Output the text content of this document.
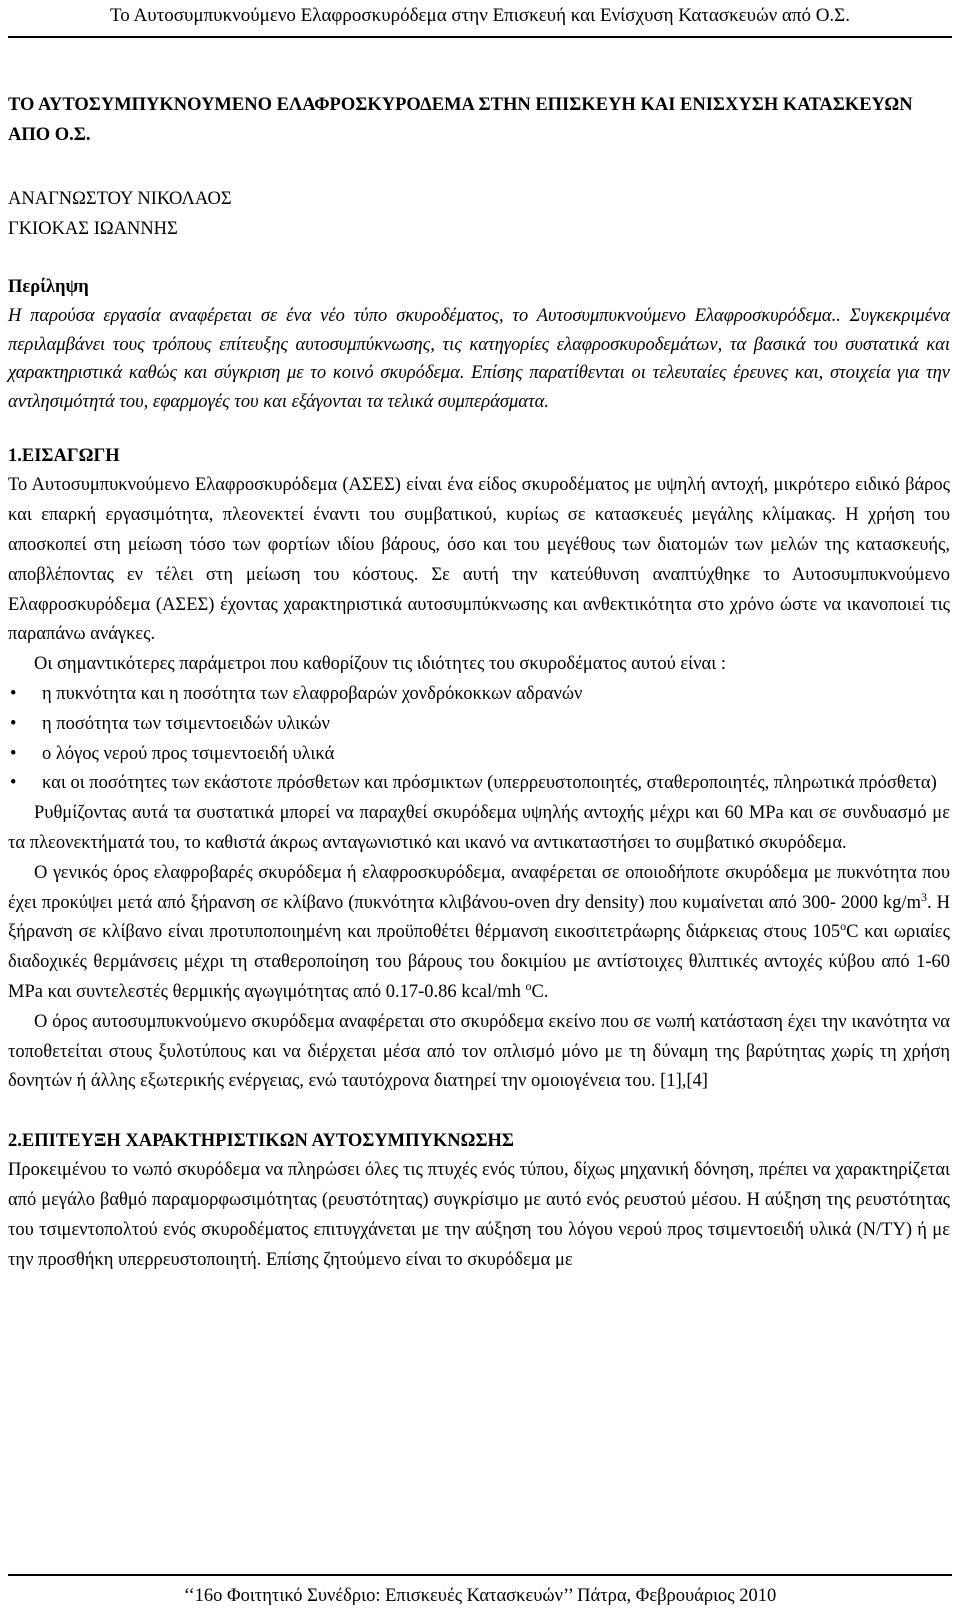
Το Αυτοσυμπυκνούμενο Ελαφροσκυρόδεμα στην Επισκευή και Ενίσχυση Κατασκευών από Ο.Σ.

ΤΟ ΑΥΤΟΣΥΜΠΥΚΝΟΥΜΕΝΟ ΕΛΑΦΡΟΣΚΥΡΟΔΕΜΑ ΣΤΗΝ ΕΠΙΣΚΕΥΗ ΚΑΙ ΕΝΙΣΧΥΣΗ ΚΑΤΑΣΚΕΥΩΝ ΑΠΟ Ο.Σ.

ΑΝΑΓΝΩΣΤΟΥ ΝΙΚΟΛΑΟΣ
ΓΚΙΟΚΑΣ ΙΩΑΝΝΗΣ

Περίληψη

Η παρούσα εργασία αναφέρεται σε ένα νέο τύπο σκυροδέματος, το Αυτοσυμπυκνούμενο Ελαφροσκυρόδεμα.. Συγκεκριμένα περιλαμβάνει τους τρόπους επίτευξης αυτοσυμπύκνωσης, τις κατηγορίες ελαφροσκυροδεμάτων, τα βασικά του συστατικά και χαρακτηριστικά καθώς και σύγκριση με το κοινό σκυρόδεμα. Επίσης παρατίθενται οι τελευταίες έρευνες και, στοιχεία για την αντλησιμότητά του, εφαρμογές του και εξάγονται τα τελικά συμπεράσματα.

1.ΕΙΣΑΓΩΓΗ

Το Αυτοσυμπυκνούμενο Ελαφροσκυρόδεμα (ΑΣΕΣ) είναι ένα είδος σκυροδέματος με υψηλή αντοχή, μικρότερο ειδικό βάρος και επαρκή εργασιμότητα, πλεονεκτεί έναντι του συμβατικού, κυρίως σε κατασκευές μεγάλης κλίμακας. Η χρήση του αποσκοπεί στη μείωση τόσο των φορτίων ιδίου βάρους, όσο και του μεγέθους των διατομών των μελών της κατασκευής, αποβλέποντας εν τέλει στη μείωση του κόστους. Σε αυτή την κατεύθυνση αναπτύχθηκε το Αυτοσυμπυκνούμενο Ελαφροσκυρόδεμα (ΑΣΕΣ) έχοντας χαρακτηριστικά αυτοσυμπύκνωσης και ανθεκτικότητα στο χρόνο ώστε να ικανοποιεί τις παραπάνω ανάγκες.

Οι σημαντικότερες παράμετροι που καθορίζουν τις ιδιότητες του σκυροδέματος αυτού είναι :

• η πυκνότητα και η ποσότητα των ελαφροβαρών χονδρόκοκκων αδρανών
• η ποσότητα των τσιμεντοειδών υλικών
• ο λόγος νερού προς τσιμεντοειδή υλικά
• και οι ποσότητες των εκάστοτε πρόσθετων και πρόσμικτων (υπερρευστοποιητές, σταθεροποιητές, πληρωτικά πρόσθετα)

Ρυθμίζοντας αυτά τα συστατικά μπορεί να παραχθεί σκυρόδεμα υψηλής αντοχής μέχρι και 60 MPa και σε συνδυασμό με τα πλεονεκτήματά του, το καθιστά άκρως ανταγωνιστικό και ικανό να αντικαταστήσει το συμβατικό σκυρόδεμα.

Ο γενικός όρος ελαφροβαρές σκυρόδεμα ή ελαφροσκυρόδεμα, αναφέρεται σε οποιοδήποτε σκυρόδεμα με πυκνότητα που έχει προκύψει μετά από ξήρανση σε κλίβανο (πυκνότητα κλιβάνου-oven dry density) που κυμαίνεται από 300- 2000 $kg/m^3$. Η ξήρανση σε κλίβανο είναι προτυποποιημένη και προϋποθέτει θέρμανση εικοσιτετράωρης διάρκειας στους 105$^o$C και ωριαίες διαδοχικές θερμάνσεις μέχρι τη σταθεροποίηση του βάρους του δοκιμίου με αντίστοιχες θλιπτικές αντοχές κύβου από 1-60 MPa και συντελεστές θερμικής αγωγιμότητας από 0.17-0.86 kcal/mh $^o$C.

Ο όρος αυτοσυμπυκνούμενο σκυρόδεμα αναφέρεται στο σκυρόδεμα εκείνο που σε νωπή κατάσταση έχει την ικανότητα να τοποθετείται στους ξυλοτύπους και να διέρχεται μέσα από τον οπλισμό μόνο με τη δύναμη της βαρύτητας χωρίς τη χρήση δονητών ή άλλης εξωτερικής ενέργειας, ενώ ταυτόχρονα διατηρεί την ομοιογένεια του. [1],[4]

2.ΕΠΙΤΕΥΞΗ ΧΑΡΑΚΤΗΡΙΣΤΙΚΩΝ ΑΥΤΟΣΥΜΠΥΚΝΩΣΗΣ

Προκειμένου το νωπό σκυρόδεμα να πληρώσει όλες τις πτυχές ενός τύπου, δίχως μηχανική δόνηση, πρέπει να χαρακτηρίζεται από μεγάλο βαθμό παραμορφωσιμότητας (ρευστότητας) συγκρίσιμο με αυτό ενός ρευστού μέσου. Η αύξηση της ρευστότητας του τσιμεντοπολτού ενός σκυροδέματος επιτυγχάνεται με την αύξηση του λόγου νερού προς τσιμεντοειδή υλικά (Ν/ΤΥ) ή με την προσθήκη υπερρευστοποιητή. Επίσης ζητούμενο είναι το σκυρόδεμα με

‘‘16ο Φοιτητικό Συνέδριο: Επισκευές Κατασκευών’’ Πάτρα, Φεβρουάριος 2010
